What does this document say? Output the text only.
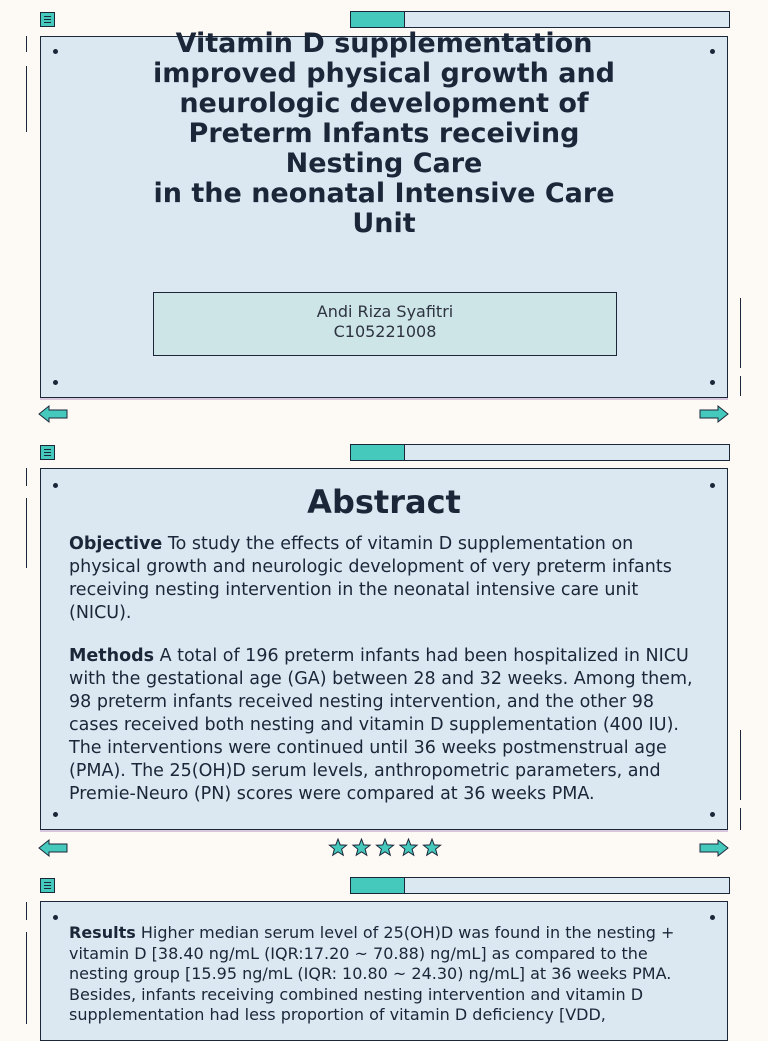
Vitamin D supplementation
improved physical growth and
neurologic development of
Preterm Infants receiving
Nesting Care
in the neonatal Intensive Care
Unit
Andi Riza Syafitri
C105221008
Abstract

Objective To study the effects of vitamin D supplementation on physical growth and neurologic development of very preterm infants receiving nesting intervention in the neonatal intensive care unit (NICU).

Methods A total of 196 preterm infants had been hospitalized in NICU with the gestational age (GA) between 28 and 32 weeks. Among them, 98 preterm infants received nesting intervention, and the other 98 cases received both nesting and vitamin D supplementation (400 IU). The interventions were continued until 36 weeks postmenstrual age (PMA). The 25(OH)D serum levels, anthropometric parameters, and Premie-Neuro (PN) scores were compared at 36 weeks PMA.

Results Higher median serum level of 25(OH)D was found in the nesting + vitamin D [38.40 ng/mL (IQR:17.20 ~ 70.88) ng/mL] as compared to the nesting group [15.95 ng/mL (IQR: 10.80 ~ 24.30) ng/mL] at 36 weeks PMA. Besides, infants receiving combined nesting intervention and vitamin D supplementation had less proportion of vitamin D deficiency [VDD,
